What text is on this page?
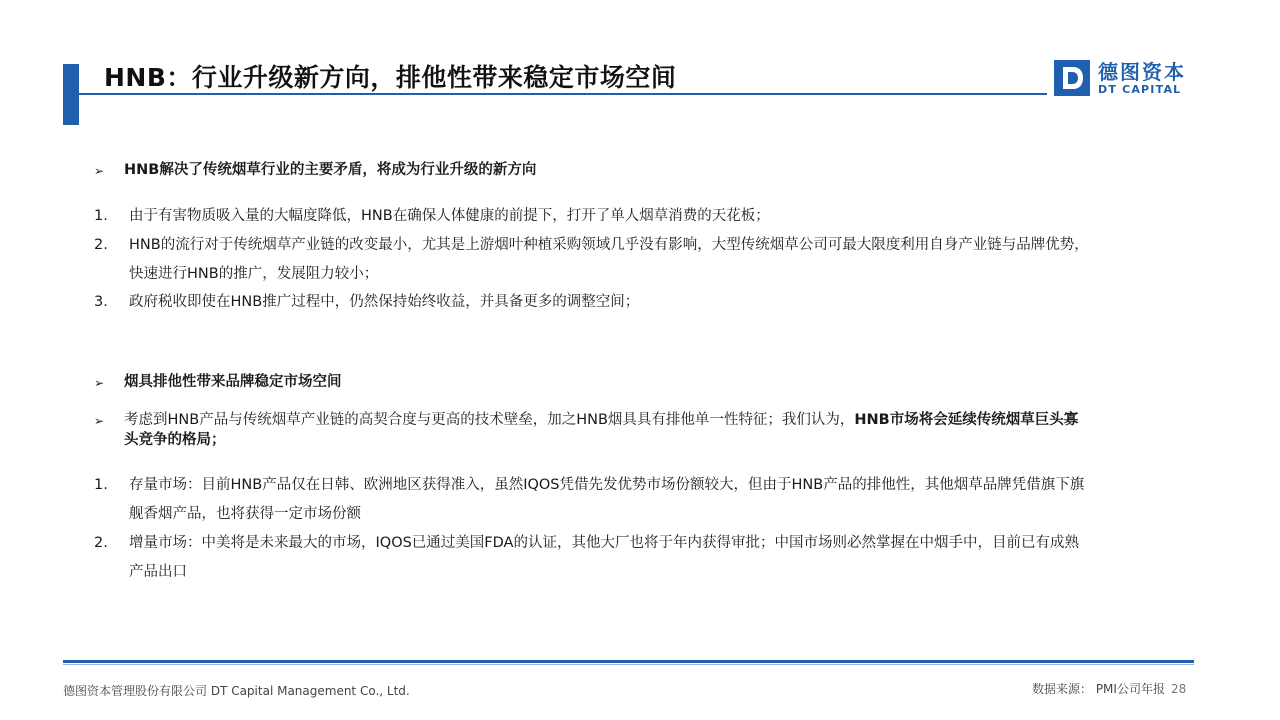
HNB：行业升级新方向，排他性带来稳定市场空间	德图资本
DT CAPITAL
➢ HNB解决了传统烟草行业的主要矛盾，将成为行业升级的新方向
1. 由于有害物质吸入量的大幅度降低，HNB在确保人体健康的前提下，打开了单人烟草消费的天花板；
2. HNB的流行对于传统烟草产业链的改变最小，尤其是上游烟叶种植采购领域几乎没有影响，大型传统烟草公司可最大限度利用自身产业链与品牌优势，
快速进行HNB的推广，发展阻力较小；
3. 政府税收即使在HNB推广过程中，仍然保持始终收益，并具备更多的调整空间；
➢ 烟具排他性带来品牌稳定市场空间
➢ 考虑到HNB产品与传统烟草产业链的高契合度与更高的技术壁垒，加之HNB烟具具有排他单一性特征；我们认为，HNB市场将会延续传统烟草巨头寡
头竞争的格局；
1. 存量市场：目前HNB产品仅在日韩、欧洲地区获得准入，虽然IQOS凭借先发优势市场份额较大，但由于HNB产品的排他性，其他烟草品牌凭借旗下旗
舰香烟产品，也将获得一定市场份额
2. 增量市场：中美将是未来最大的市场，IQOS已通过美国FDA的认证，其他大厂也将于年内获得审批；中国市场则必然掌握在中烟手中，目前已有成熟
产品出口
德图资本管理股份有限公司 DT Capital Management Co., Ltd.	数据来源： PMI公司年报 28
